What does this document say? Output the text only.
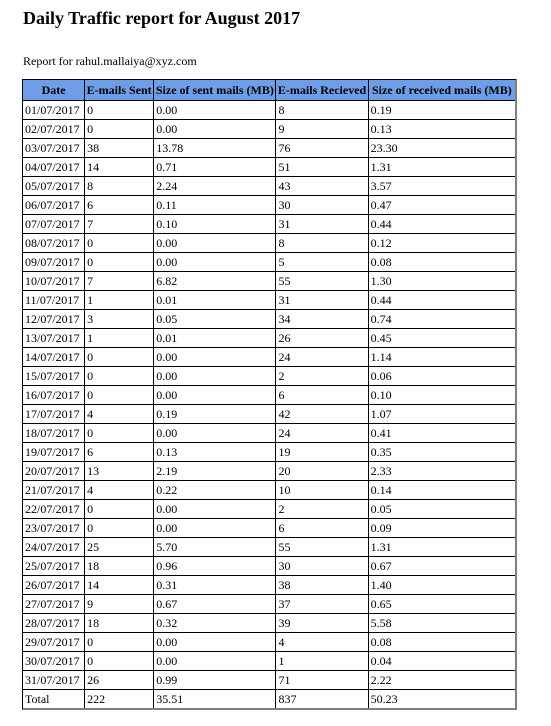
Daily Traffic report for August 2017
Report for rahul.mallaiya@xyz.com
Date	E-mails Sent	Size of sent mails (MB)	E-mails Recieved	Size of received mails (MB)
01/07/2017	0	0.00	8	0.19
02/07/2017	0	0.00	9	0.13
03/07/2017	38	13.78	76	23.30
04/07/2017	14	0.71	51	1.31
05/07/2017	8	2.24	43	3.57
06/07/2017	6	0.11	30	0.47
07/07/2017	7	0.10	31	0.44
08/07/2017	0	0.00	8	0.12
09/07/2017	0	0.00	5	0.08
10/07/2017	7	6.82	55	1.30
11/07/2017	1	0.01	31	0.44
12/07/2017	3	0.05	34	0.74
13/07/2017	1	0.01	26	0.45
14/07/2017	0	0.00	24	1.14
15/07/2017	0	0.00	2	0.06
16/07/2017	0	0.00	6	0.10
17/07/2017	4	0.19	42	1.07
18/07/2017	0	0.00	24	0.41
19/07/2017	6	0.13	19	0.35
20/07/2017	13	2.19	20	2.33
21/07/2017	4	0.22	10	0.14
22/07/2017	0	0.00	2	0.05
23/07/2017	0	0.00	6	0.09
24/07/2017	25	5.70	55	1.31
25/07/2017	18	0.96	30	0.67
26/07/2017	14	0.31	38	1.40
27/07/2017	9	0.67	37	0.65
28/07/2017	18	0.32	39	5.58
29/07/2017	0	0.00	4	0.08
30/07/2017	0	0.00	1	0.04
31/07/2017	26	0.99	71	2.22
Total	222	35.51	837	50.23
